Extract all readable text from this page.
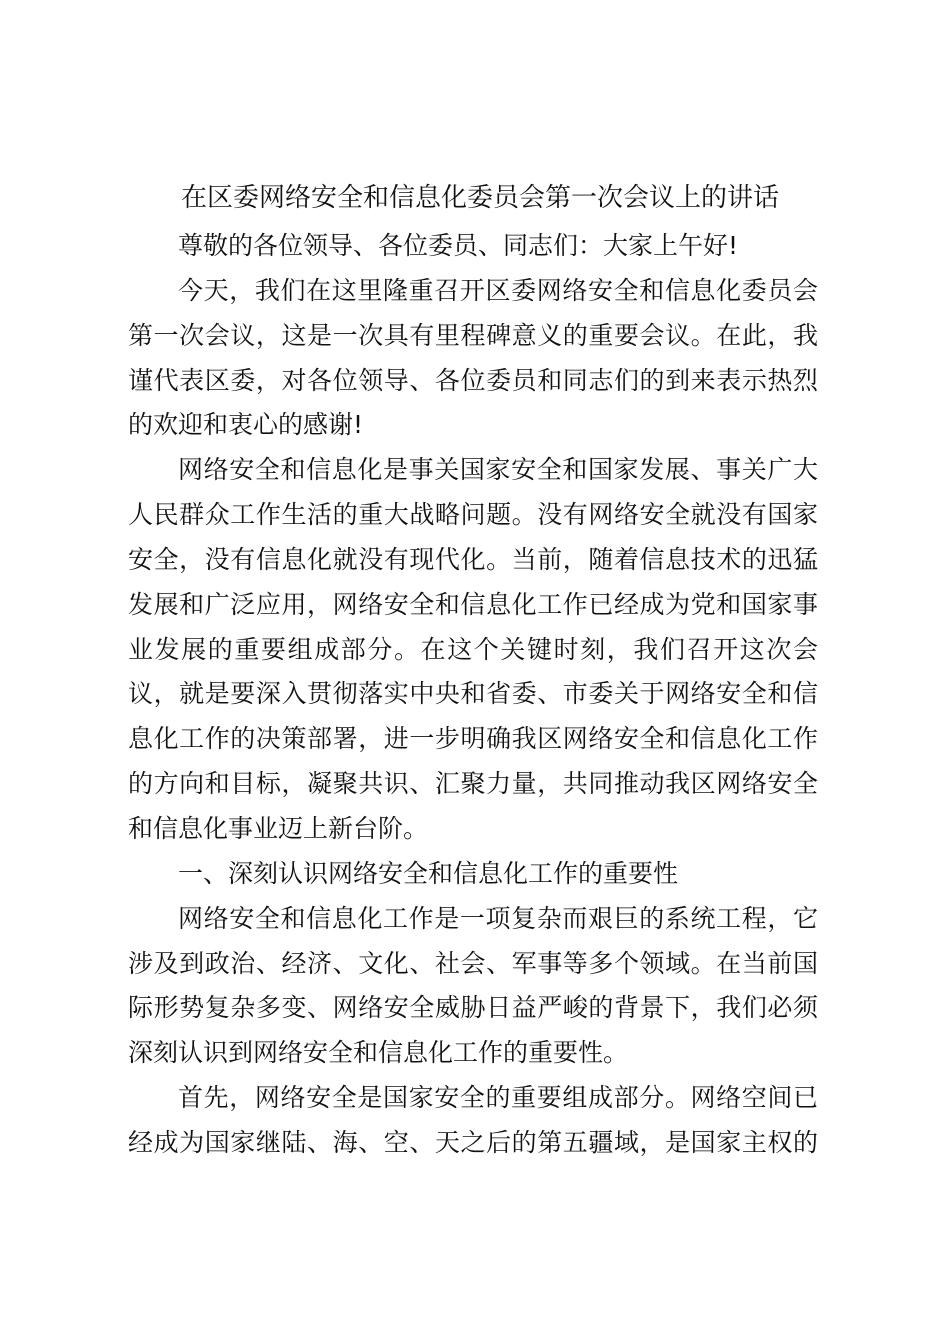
在区委网络安全和信息化委员会第一次会议上的讲话

尊敬的各位领导、各位委员、同志们：大家上午好!

今天，我们在这里隆重召开区委网络安全和信息化委员会第一次会议，这是一次具有里程碑意义的重要会议。在此，我谨代表区委，对各位领导、各位委员和同志们的到来表示热烈的欢迎和衷心的感谢!

网络安全和信息化是事关国家安全和国家发展、事关广大人民群众工作生活的重大战略问题。没有网络安全就没有国家安全，没有信息化就没有现代化。当前，随着信息技术的迅猛发展和广泛应用，网络安全和信息化工作已经成为党和国家事业发展的重要组成部分。在这个关键时刻，我们召开这次会议，就是要深入贯彻落实中央和省委、市委关于网络安全和信息化工作的决策部署，进一步明确我区网络安全和信息化工作的方向和目标，凝聚共识、汇聚力量，共同推动我区网络安全和信息化事业迈上新台阶。

一、深刻认识网络安全和信息化工作的重要性

网络安全和信息化工作是一项复杂而艰巨的系统工程，它涉及到政治、经济、文化、社会、军事等多个领域。在当前国际形势复杂多变、网络安全威胁日益严峻的背景下，我们必须深刻认识到网络安全和信息化工作的重要性。

首先，网络安全是国家安全的重要组成部分。网络空间已经成为国家继陆、海、空、天之后的第五疆域，是国家主权的
